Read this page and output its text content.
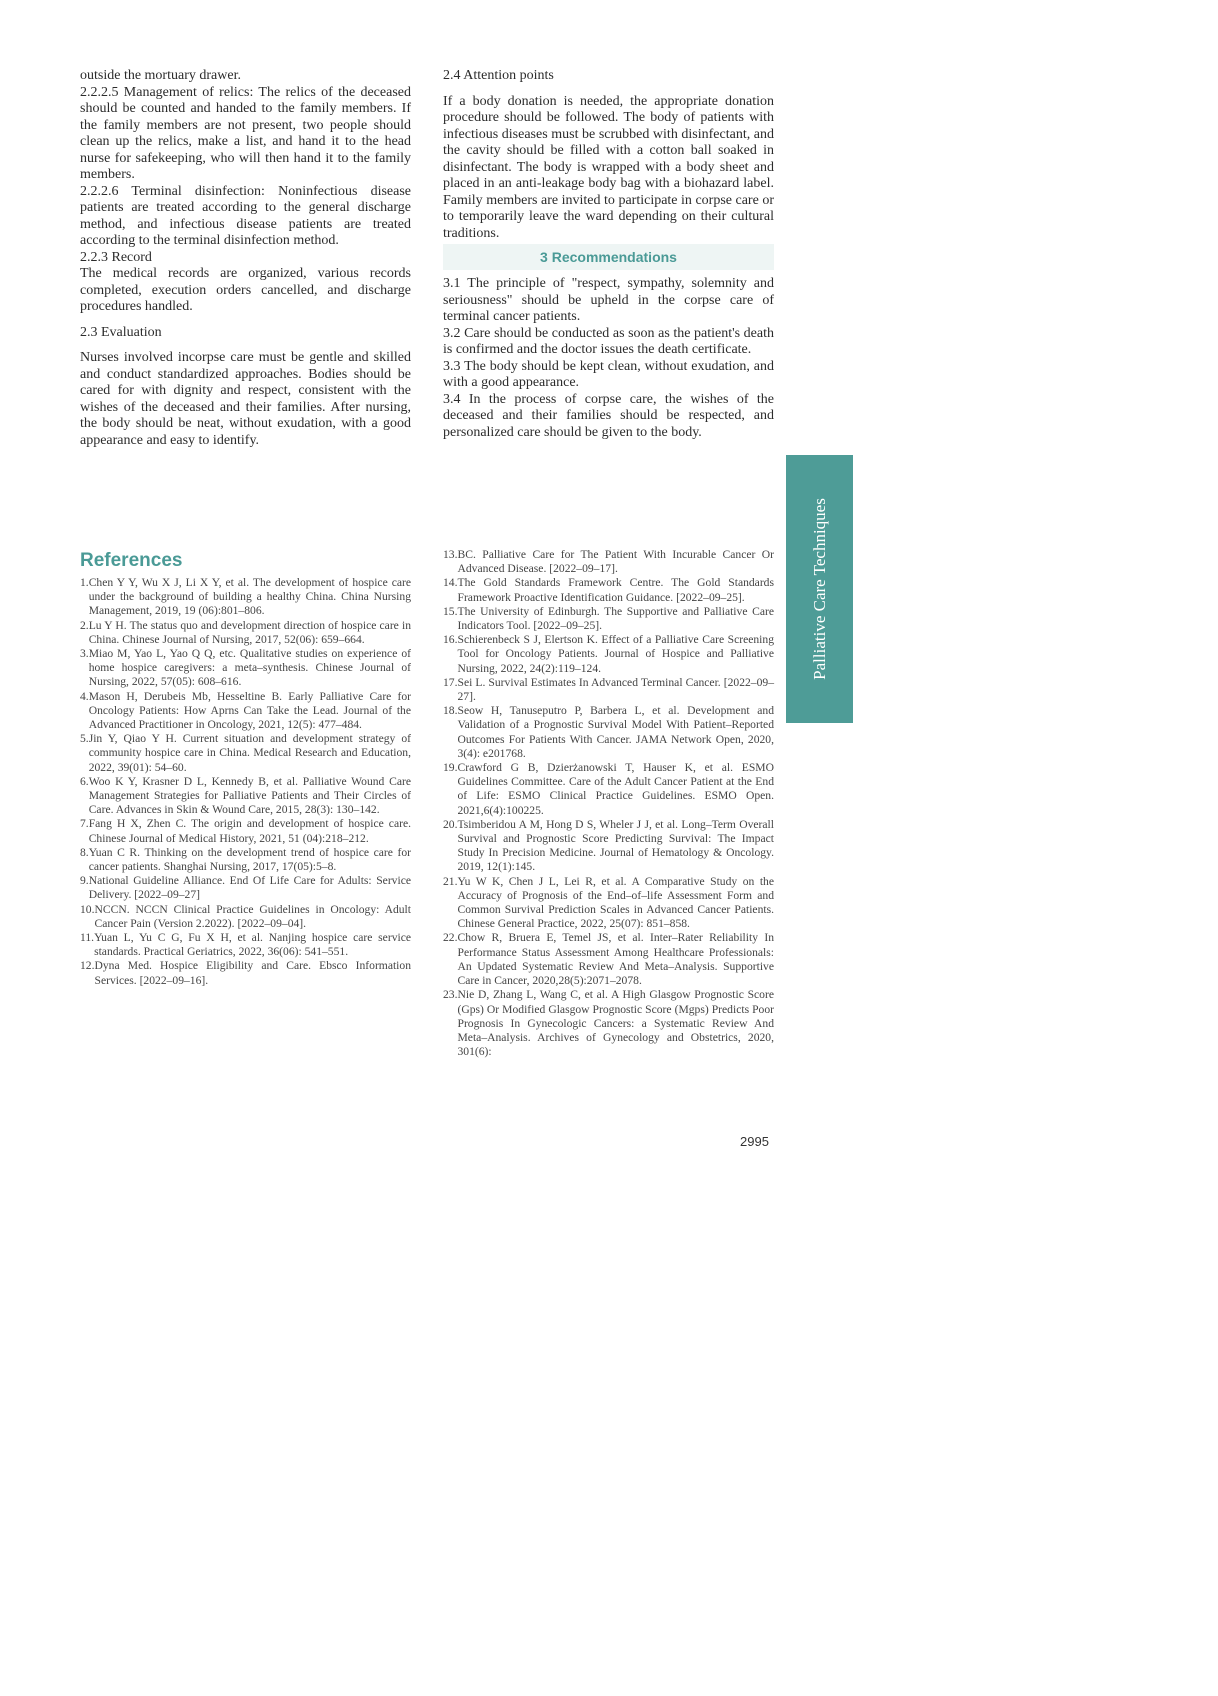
outside the mortuary drawer.

2.2.2.5 Management of relics: The relics of the deceased should be counted and handed to the family members. If the family members are not present, two people should clean up the relics, make a list, and hand it to the head nurse for safekeeping, who will then hand it to the family members.

2.2.2.6 Terminal disinfection: Noninfectious disease patients are treated according to the general discharge method, and infectious disease patients are treated according to the terminal disinfection method.

2.2.3 Record

The medical records are organized, various records completed, execution orders cancelled, and discharge procedures handled.

2.3 Evaluation

Nurses involved incorpse care must be gentle and skilled and conduct standardized approaches. Bodies should be cared for with dignity and respect, consistent with the wishes of the deceased and their families. After nursing, the body should be neat, without exudation, with a good appearance and easy to identify.

2.4 Attention points

If a body donation is needed, the appropriate donation procedure should be followed. The body of patients with infectious diseases must be scrubbed with disinfectant, and the cavity should be filled with a cotton ball soaked in disinfectant. The body is wrapped with a body sheet and placed in an anti-leakage body bag with a biohazard label. Family members are invited to participate in corpse care or to temporarily leave the ward depending on their cultural traditions.

3 Recommendations

3.1 The principle of "respect, sympathy, solemnity and seriousness" should be upheld in the corpse care of terminal cancer patients.

3.2 Care should be conducted as soon as the patient's death is confirmed and the doctor issues the death certificate.

3.3 The body should be kept clean, without exudation, and with a good appearance.

3.4 In the process of corpse care, the wishes of the deceased and their families should be respected, and personalized care should be given to the body.

Palliative Care Techniques
References
1. Chen Y Y, Wu X J, Li X Y, et al. The development of hospice care under the background of building a healthy China. China Nursing Management, 2019, 19 (06):801–806.
2. Lu Y H. The status quo and development direction of hospice care in China. Chinese Journal of Nursing, 2017, 52(06): 659–664.
3. Miao M, Yao L, Yao Q Q, etc. Qualitative studies on experience of home hospice caregivers: a meta–synthesis. Chinese Journal of Nursing, 2022, 57(05): 608–616.
4. Mason H, Derubeis Mb, Hesseltine B. Early Palliative Care for Oncology Patients: How Aprns Can Take the Lead. Journal of the Advanced Practitioner in Oncology, 2021, 12(5): 477–484.
5. Jin Y, Qiao Y H. Current situation and development strategy of community hospice care in China. Medical Research and Education, 2022, 39(01): 54–60.
6. Woo K Y, Krasner D L, Kennedy B, et al. Palliative Wound Care Management Strategies for Palliative Patients and Their Circles of Care. Advances in Skin & Wound Care, 2015, 28(3): 130–142.
7. Fang H X, Zhen C. The origin and development of hospice care. Chinese Journal of Medical History, 2021, 51 (04):218–212.
8. Yuan C R. Thinking on the development trend of hospice care for cancer patients. Shanghai Nursing, 2017, 17(05):5–8.
9. National Guideline Alliance. End Of Life Care for Adults: Service Delivery. [2022–09–27]
10. NCCN. NCCN Clinical Practice Guidelines in Oncology: Adult Cancer Pain (Version 2.2022). [2022–09–04].
11. Yuan L, Yu C G, Fu X H, et al. Nanjing hospice care service standards. Practical Geriatrics, 2022, 36(06): 541–551.
12. Dyna Med. Hospice Eligibility and Care. Ebsco Information Services. [2022–09–16].
13. BC. Palliative Care for The Patient With Incurable Cancer Or Advanced Disease. [2022–09–17].
14. The Gold Standards Framework Centre. The Gold Standards Framework Proactive Identification Guidance. [2022–09–25].
15. The University of Edinburgh. The Supportive and Palliative Care Indicators Tool. [2022–09–25].
16. Schierenbeck S J, Elertson K. Effect of a Palliative Care Screening Tool for Oncology Patients. Journal of Hospice and Palliative Nursing, 2022, 24(2):119–124.
17. Sei L. Survival Estimates In Advanced Terminal Cancer. [2022–09–27].
18. Seow H, Tanuseputro P, Barbera L, et al. Development and Validation of a Prognostic Survival Model With Patient–Reported Outcomes For Patients With Cancer. JAMA Network Open, 2020, 3(4): e201768.
19. Crawford G B, Dzierżanowski T, Hauser K, et al. ESMO Guidelines Committee. Care of the Adult Cancer Patient at the End of Life: ESMO Clinical Practice Guidelines. ESMO Open. 2021,6(4):100225.
20. Tsimberidou A M, Hong D S, Wheler J J, et al. Long–Term Overall Survival and Prognostic Score Predicting Survival: The Impact Study In Precision Medicine. Journal of Hematology & Oncology. 2019, 12(1):145.
21. Yu W K, Chen J L, Lei R, et al. A Comparative Study on the Accuracy of Prognosis of the End–of–life Assessment Form and Common Survival Prediction Scales in Advanced Cancer Patients. Chinese General Practice, 2022, 25(07): 851–858.
22. Chow R, Bruera E, Temel JS, et al. Inter–Rater Reliability In Performance Status Assessment Among Healthcare Professionals: An Updated Systematic Review And Meta–Analysis. Supportive Care in Cancer, 2020,28(5):2071–2078.
23. Nie D, Zhang L, Wang C, et al. A High Glasgow Prognostic Score (Gps) Or Modified Glasgow Prognostic Score (Mgps) Predicts Poor Prognosis In Gynecologic Cancers: a Systematic Review And Meta–Analysis. Archives of Gynecology and Obstetrics, 2020, 301(6):
2995
